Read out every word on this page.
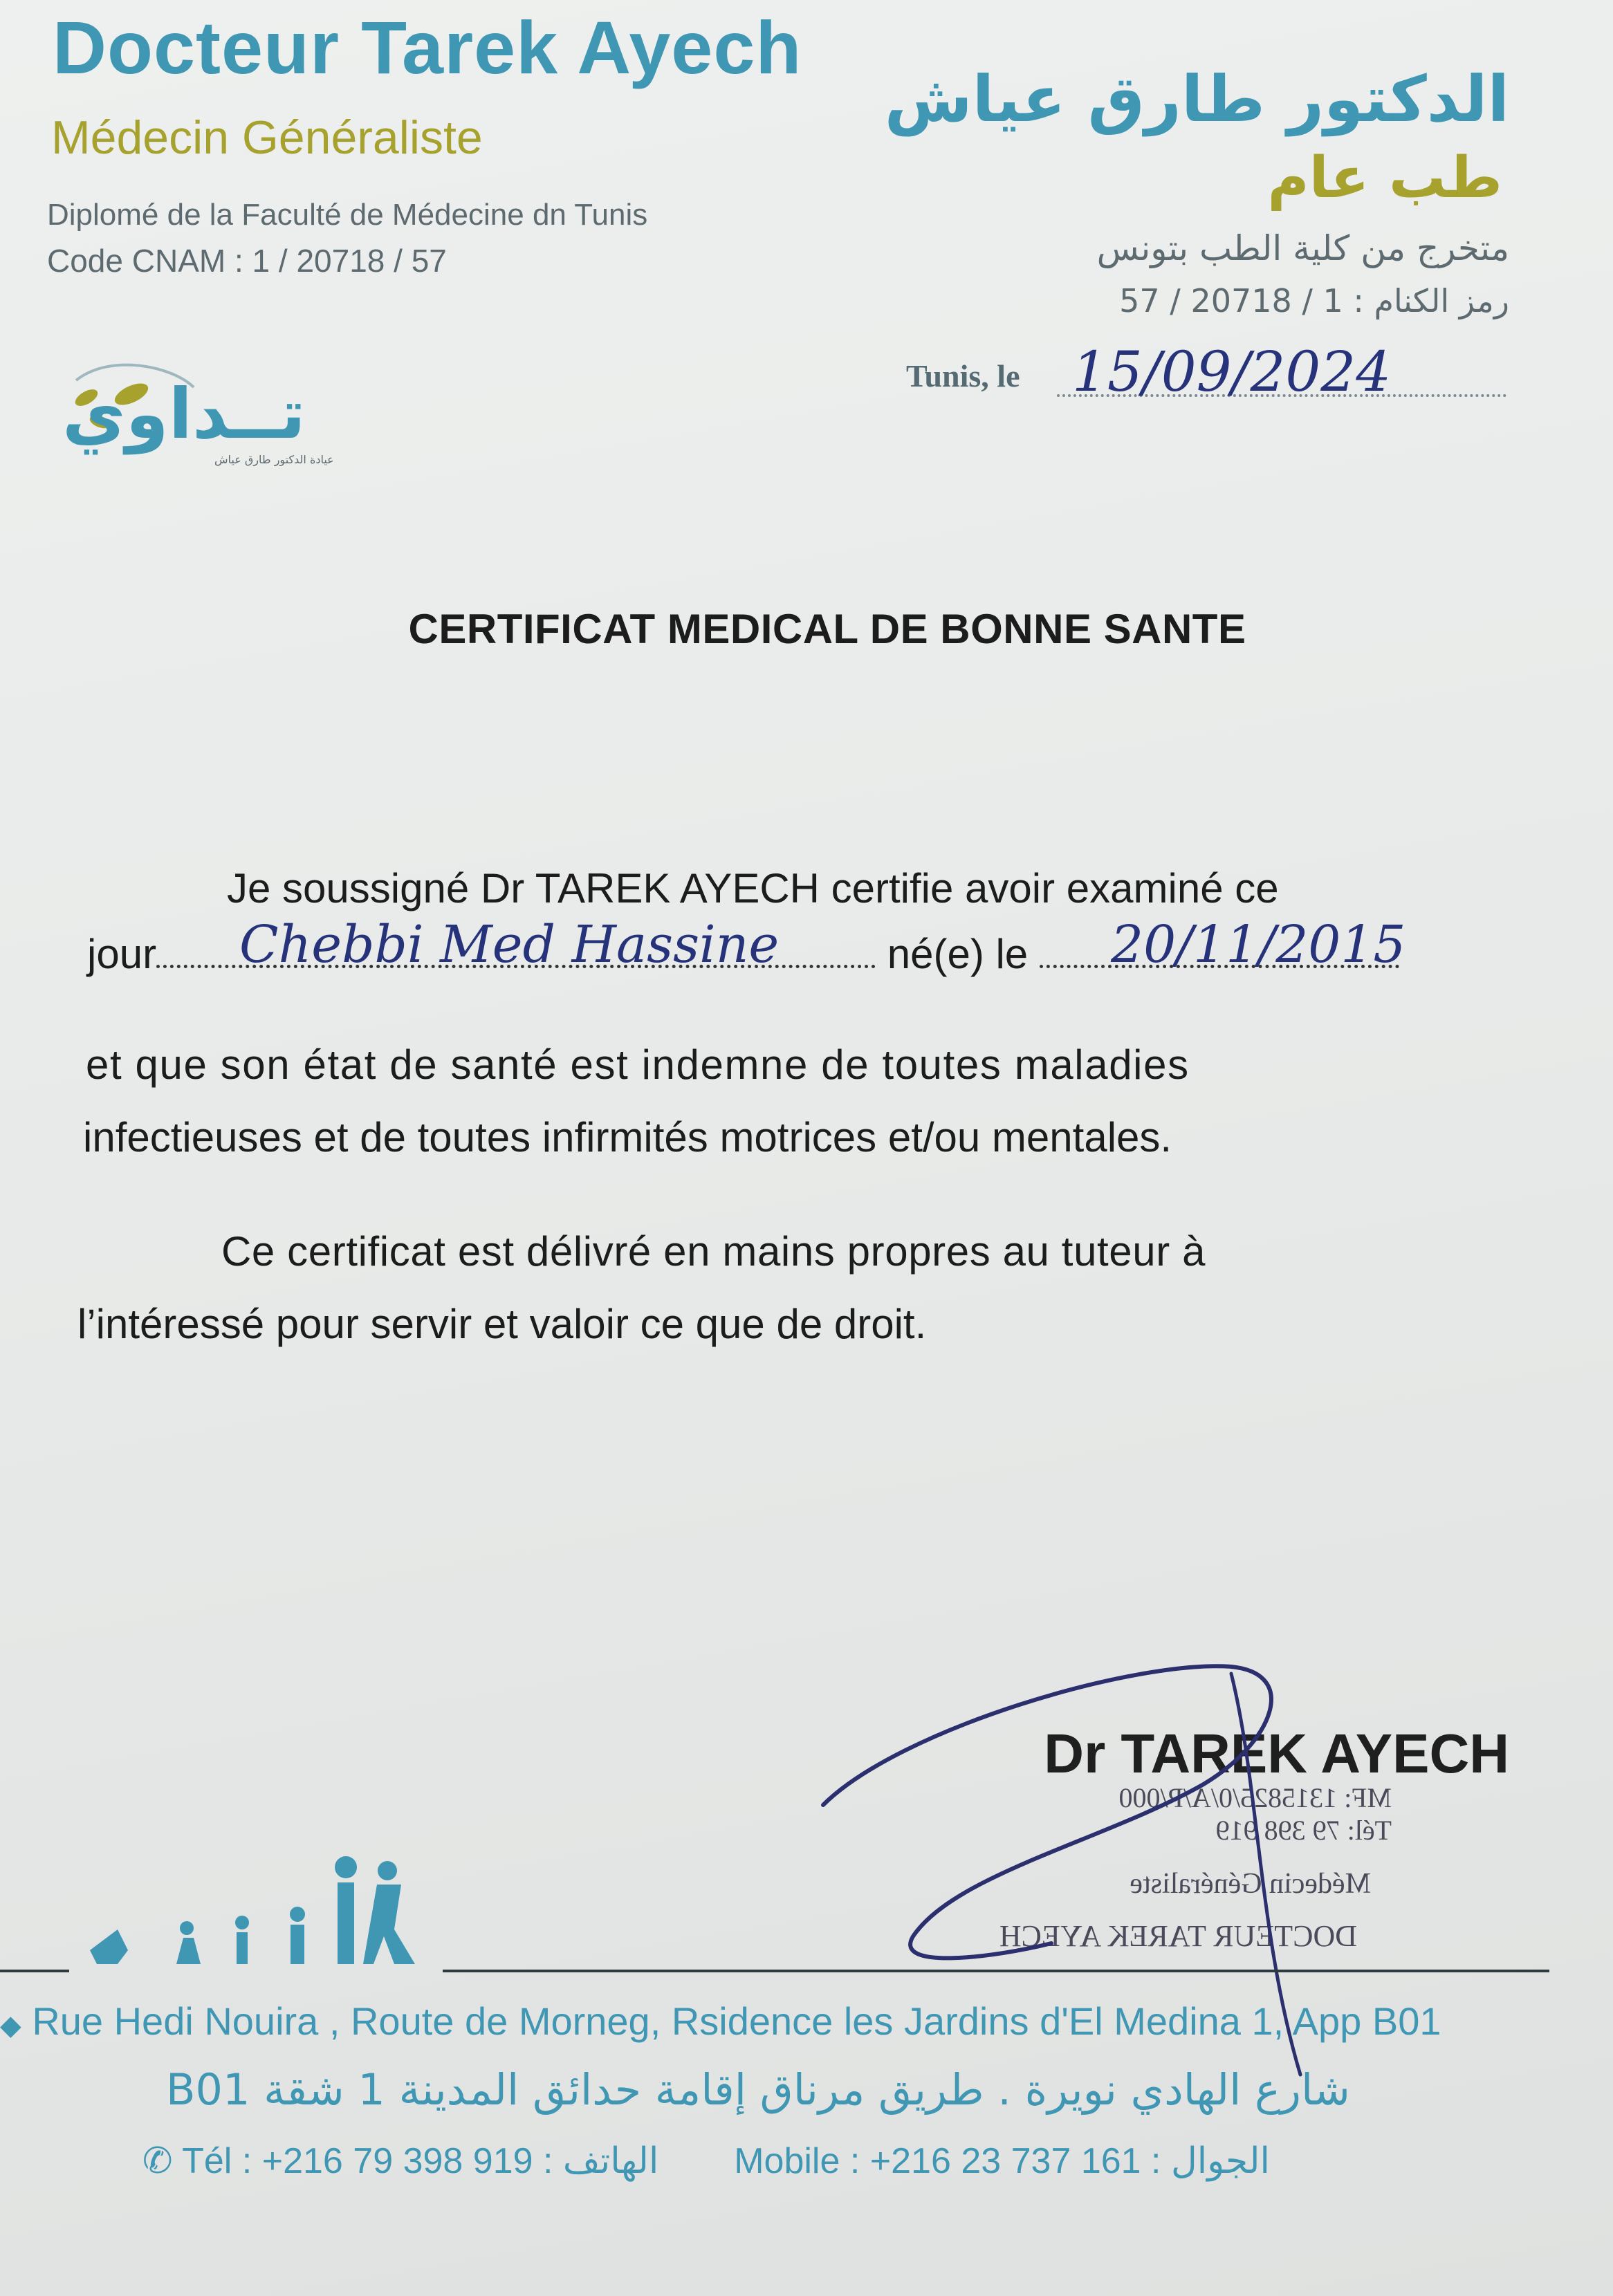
Docteur Tarek Ayech
Médecin Généraliste
Diplomé de la Faculté de Médecine dn Tunis
Code CNAM : 1 / 20718 / 57
الدكتور طارق عياش
طب عام
متخرج من كلية الطب بتونس
رمز الكنام : 1 / 20718 / 57
تــداوي
عيادة الدكتور طارق عياش
Tunis, le 15/09/2024
CERTIFICAT MEDICAL DE BONNE SANTE
Je soussigné Dr TAREK AYECH certifie avoir examiné ce
jour	né(e) le
Chebbi Med Hassine	20/11/2015
et que son état de santé est indemne de toutes maladies
infectieuses et de toutes infirmités motrices et/ou mentales.
Ce certificat est délivré en mains propres au tuteur à
l’intéressé pour servir et valoir ce que de droit.
Dr TAREK AYECH
MF: 1315825/0/A/P/000
Tél: 79 398 919
Médecin Généraliste
DOCTEUR TAREK AYECH
◆ Rue Hedi Nouira , Route de Morneg, Rsidence les Jardins d'El Medina 1, App B01
شارع الهادي نويرة . طريق مرناق إقامة حدائق المدينة 1 شقة B01
✆ Tél : +216 79 398 919 : الهاتف Mobile : +216 23 737 161 : الجوال
